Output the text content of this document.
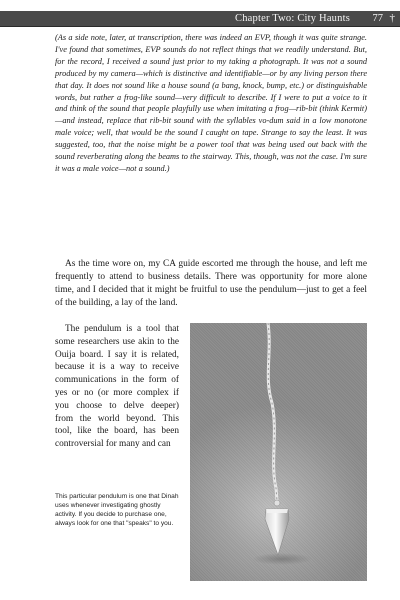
Chapter Two: City Haunts 77 †

(As a side note, later, at transcription, there was indeed an EVP, though it was quite strange. I've found that sometimes, EVP sounds do not reflect things that we readily understand. But, for the record, I received a sound just prior to my taking a photograph. It was not a sound produced by my camera—which is distinctive and identifiable—or by any living person there that day. It does not sound like a house sound (a bang, knock, bump, etc.) or distinguishable words, but rather a frog-like sound—very difficult to describe. If I were to put a voice to it and think of the sound that people playfully use when imitating a frog—rib-bit (think Kermit)—and instead, replace that rib-bit sound with the syllables vo-dum said in a low monotone male voice; well, that would be the sound I caught on tape. Strange to say the least. It was suggested, too, that the noise might be a power tool that was being used out back with the sound reverberating along the beams to the stairway. This, though, was not the case. I'm sure it was a male voice—not a sound.)

As the time wore on, my CA guide escorted me through the house, and left me frequently to attend to business details. There was opportunity for more alone time, and I decided that it might be fruitful to use the pendulum—just to get a feel of the building, a lay of the land.

The pendulum is a tool that some researchers use akin to the Ouija board. I say it is related, because it is a way to receive communications in the form of yes or no (or more complex if you choose to delve deeper) from the world beyond. This tool, like the board, has been controversial for many and can

This particular pendulum is one that Dinah uses whenever investigating ghostly activity. If you decide to purchase one, always look for one that "speaks" to you.
